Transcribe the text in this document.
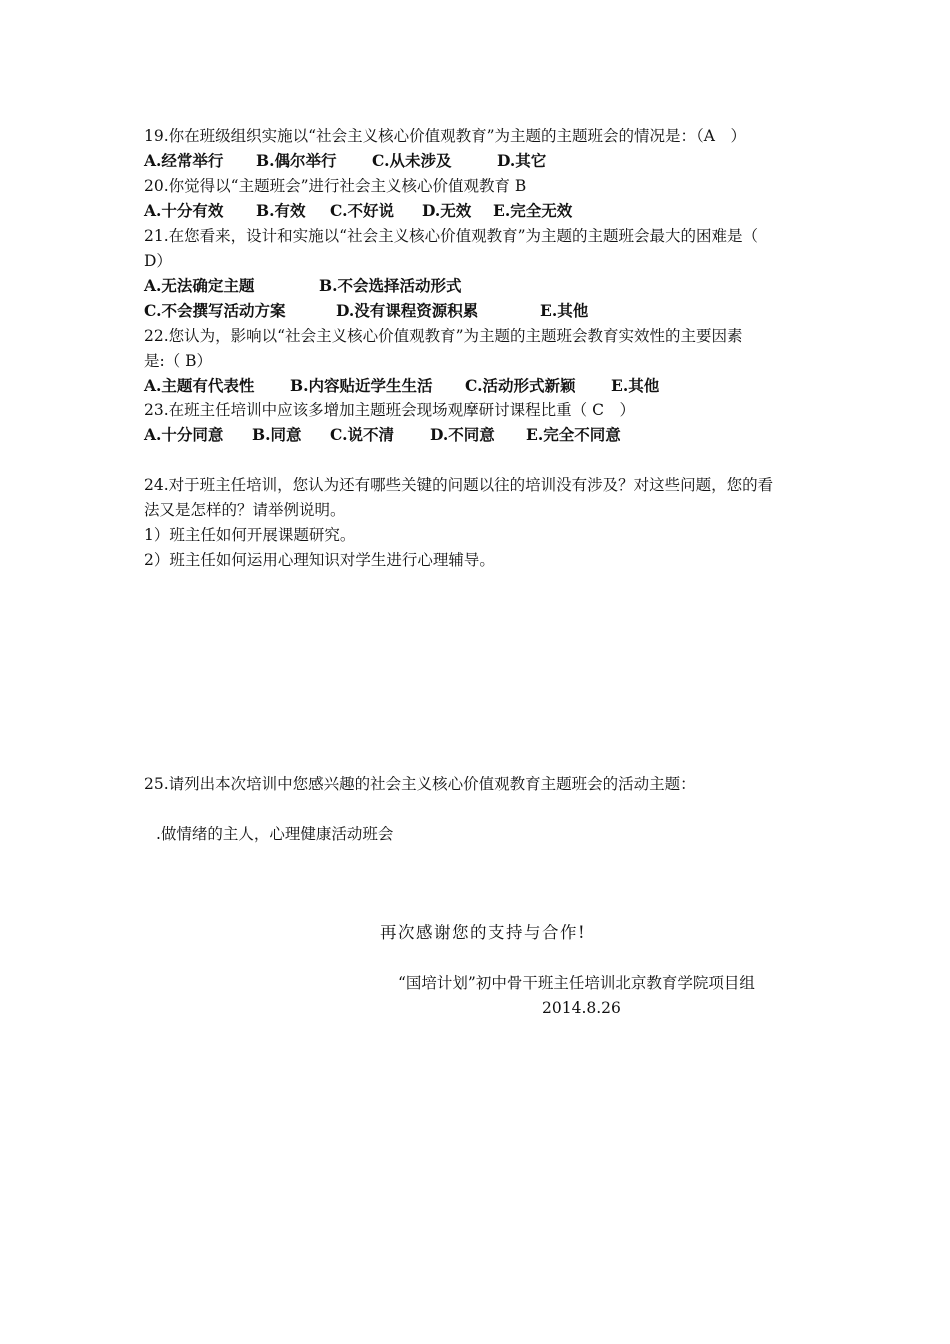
19.你在班级组织实施以“社会主义核心价值观教育”为主题的主题班会的情况是：（A　）
A.经常举行 B.偶尔举行 C.从未涉及	D.其它
20.你觉得以“主题班会”进行社会主义核心价值观教育 B
A.十分有效 B.有效 C.不好说 D.无效 E.完全无效
21.在您看来，设计和实施以“社会主义核心价值观教育”为主题的主题班会最大的困难是（
D）
A.无法确定主题	B.不会选择活动形式
C.不会撰写活动方案	D.没有课程资源积累	E.其他
22.您认为，影响以“社会主义核心价值观教育”为主题的主题班会教育实效性的主要因素
是:（ B）
A.主题有代表性 B.内容贴近学生生活 C.活动形式新颖 E.其他
23.在班主任培训中应该多增加主题班会现场观摩研讨课程比重（ C　）
A.十分同意 B.同意 C.说不清 D.不同意 E.完全不同意
24.对于班主任培训，您认为还有哪些关键的问题以往的培训没有涉及？对这些问题，您的看
法又是怎样的？请举例说明。
1）班主任如何开展课题研究。
2）班主任如何运用心理知识对学生进行心理辅导。
25.请列出本次培训中您感兴趣的社会主义核心价值观教育主题班会的活动主题：
.做情绪的主人，心理健康活动班会
再次感谢您的支持与合作!
“国培计划”初中骨干班主任培训北京教育学院项目组
2014.8.26
